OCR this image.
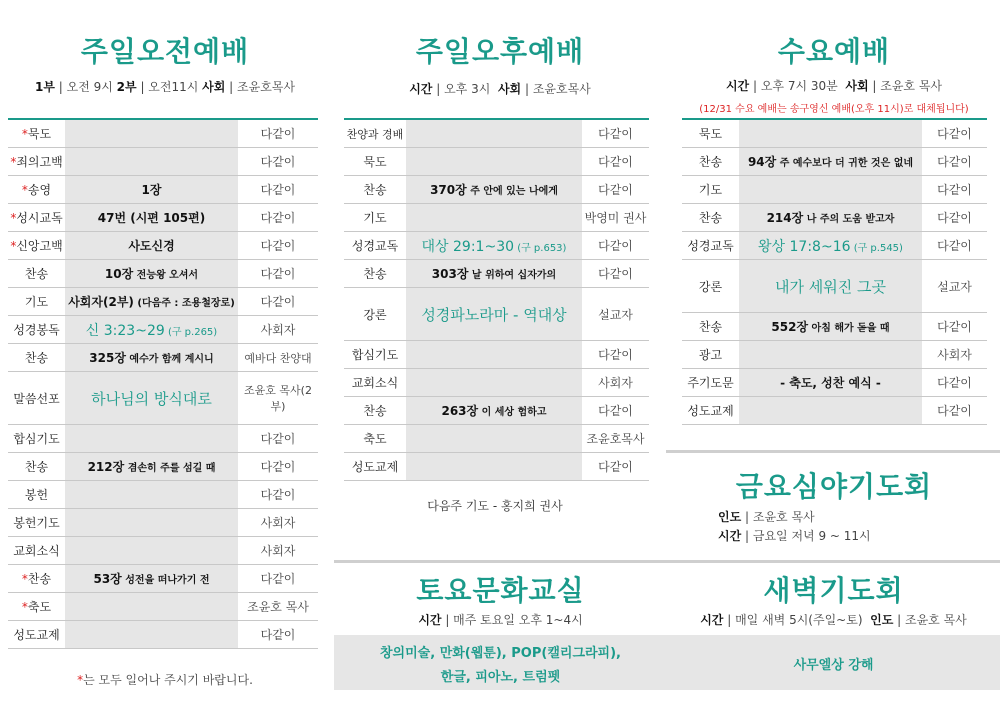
주일오전예배
1부 | 오전 9시 2부 | 오전11시 사회 | 조윤호목사
*묵도		다같이
*죄의고백		다같이
*송영	1장	다같이
*성시교독	47번 (시편 105편)	다같이
*신앙고백	사도신경	다같이
찬송	10장 전능왕 오셔서	다같이
기도	사회자(2부) (다음주 : 조용철장로)	다같이
성경봉독	신 3:23~29 (구 p.265)	사회자
찬송	325장 예수가 함께 계시니	예바다 찬양대
말씀선포	하나님의 방식대로	조윤호 목사(2부)
합심기도		다같이
찬송	212장 겸손히 주를 섬길 때	다같이
봉헌		다같이
봉헌기도		사회자
교회소식		사회자
*찬송	53장 성전을 떠나가기 전	다같이
*축도		조윤호 목사
성도교제		다같이
*는 모두 일어나 주시기 바랍니다.
주일오후예배
시간 | 오후 3시 사회 | 조윤호목사
찬양과 경배		다같이
묵도		다같이
찬송	370장 주 안에 있는 나에게	다같이
기도		박영미 권사
성경교독	대상 29:1~30 (구 p.653)	다같이
찬송	303장 날 위하여 십자가의	다같이
강론	성경파노라마 - 역대상	설교자
합심기도		다같이
교회소식		사회자
찬송	263장 이 세상 험하고	다같이
축도		조윤호목사
성도교제		다같이
다음주 기도 - 홍지희 권사
수요예배
시간 | 오후 7시 30분 사회 | 조윤호 목사
(12/31 수요 예배는 송구영신 예배(오후 11시)로 대체됩니다)
묵도		다같이
찬송	94장 주 예수보다 더 귀한 것은 없네	다같이
기도		다같이
찬송	214장 나 주의 도움 받고자	다같이
성경교독	왕상 17:8~16 (구 p.545)	다같이
강론	내가 세워진 그곳	설교자
찬송	552장 아침 해가 돋을 때	다같이
광고		사회자
주기도문	- 축도, 성찬 예식 -	다같이
성도교제		다같이
금요심야기도회
인도 | 조윤호 목사
시간 | 금요일 저녁 9 ~ 11시
토요문화교실
시간 | 매주 토요일 오후 1~4시
창의미술, 만화(웹툰), POP(캘리그라피),
한글, 피아노, 트럼펫
새벽기도회
시간 | 매일 새벽 5시(주일~토) 인도 | 조윤호 목사
사무엘상 강해
